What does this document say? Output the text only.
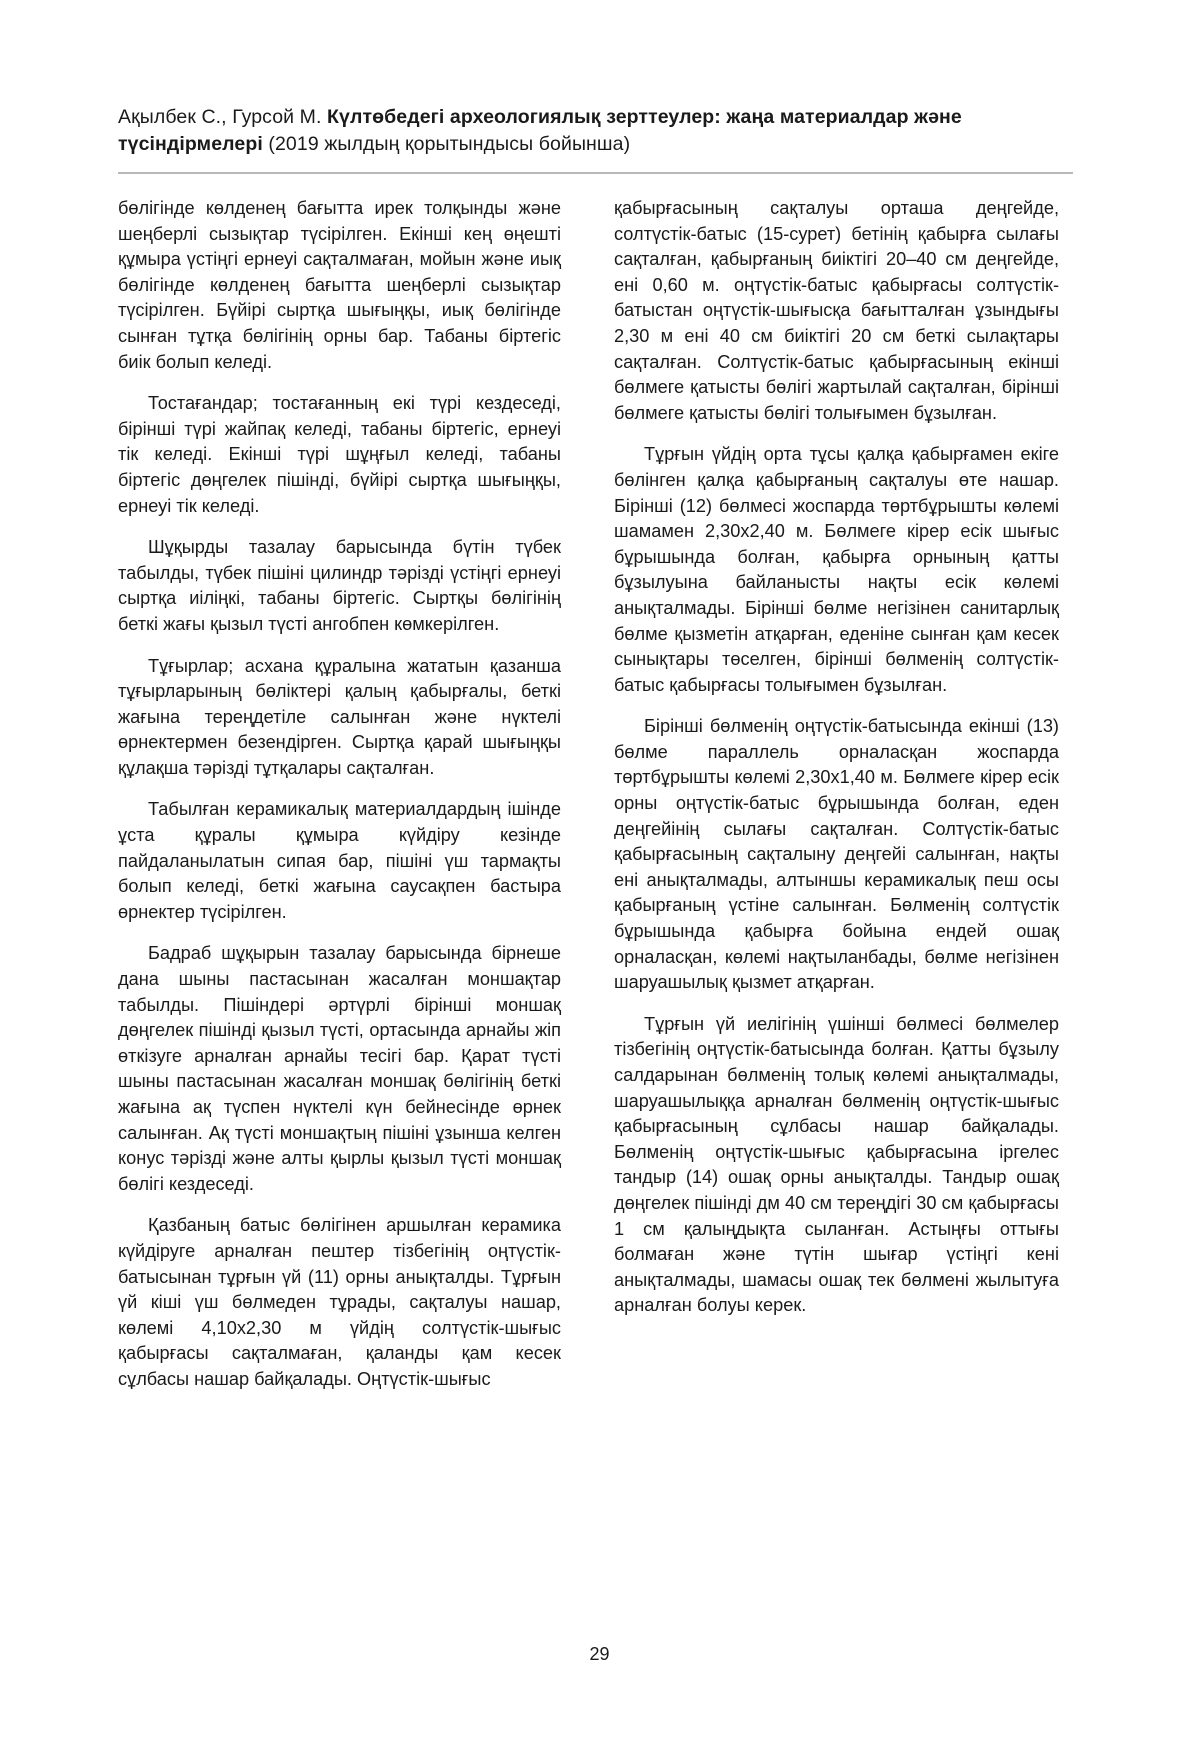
Ақылбек С., Гурсой М. Күлтөбедегі археологиялық зерттеулер: жаңа материалдар және түсіндірмелері (2019 жылдың қорытындысы бойынша)

бөлігінде көлденең бағытта ирек толқынды және шеңберлі сызықтар түсірілген. Екінші кең өңешті құмыра үстіңгі ернеуі сақталмаған, мойын және иық бөлігінде көлденең бағытта шеңберлі сызықтар түсірілген. Бүйірі сыртқа шығыңқы, иық бөлігінде сынған тұтқа бөлігінің орны бар. Табаны біртегіс биік болып келеді.

Тостағандар; тостағанның екі түрі кездеседі, бірінші түрі жайпақ келеді, табаны біртегіс, ернеуі тік келеді. Екінші түрі шұңғыл келеді, табаны біртегіс дөңгелек пішінді, бүйірі сыртқа шығыңқы, ернеуі тік келеді.

Шұқырды тазалау барысында бүтін түбек табылды, түбек пішіні цилиндр тәрізді үстіңгі ернеуі сыртқа иілiңкі, табаны біртегіс. Сыртқы бөлігінің беткі жағы қызыл түсті ангобпен көмкерілген.

Тұғырлар; асхана құралына жататын қазанша тұғырларының бөліктері қалың қабырғалы, беткі жағына тереңдетіле салынған және нүктелі өрнектермен безендірген. Сыртқа қарай шығыңқы құлақша тәрізді тұтқалары сақталған.

Табылған керамикалық материалдардың ішінде ұста құралы құмыра күйдіру кезінде пайдаланылатын сипая бар, пішіні үш тармақты болып келеді, беткі жағына саусақпен бастыра өрнектер түсірілген.

Бадраб шұқырын тазалау барысында бірнеше дана шыны пастасынан жасалған моншақтар табылды. Пішіндері әртүрлі бірінші моншақ дөңгелек пішінді қызыл түсті, ортасында арнайы жіп өткізуге арналған арнайы тесігі бар. Қарат түсті шыны пастасынан жасалған моншақ бөлігінің беткі жағына ақ түспен нүктелі күн бейнесінде өрнек салынған. Ақ түсті моншақтың пішіні ұзынша келген конус тәрізді және алты қырлы қызыл түсті моншақ бөлігі кездеседі.

Қазбаның батыс бөлігінен аршылған керамика күйдіруге арналған пештер тізбегінің оңтүстік-батысынан тұрғын үй (11) орны анықталды. Тұрғын үй кіші үш бөлмеден тұрады, сақталуы нашар, көлемі 4,10х2,30 м үйдің солтүстік-шығыс қабырғасы сақталмаған, қаланды қам кесек сұлбасы нашар байқалады. Оңтүстік-шығыс

қабырғасының сақталуы орташа деңгейде, солтүстік-батыс (15-сурет) бетінің қабырға сылағы сақталған, қабырғаның биіктігі 20–40 см деңгейде, ені 0,60 м. оңтүстік-батыс қабырғасы солтүстік-батыстан оңтүстік-шығысқа бағытталған ұзындығы 2,30 м ені 40 см биіктігі 20 см беткі сылақтары сақталған. Солтүстік-батыс қабырғасының екінші бөлмеге қатысты бөлігі жартылай сақталған, бірінші бөлмеге қатысты бөлігі толығымен бұзылған.

Тұрғын үйдің орта тұсы қалқа қабырғамен екіге бөлінген қалқа қабырғаның сақталуы өте нашар. Бірінші (12) бөлмесі жоспарда төртбұрышты көлемі шамамен 2,30х2,40 м. Бөлмеге кірер есік шығыс бұрышында болған, қабырға орнының қатты бұзылуына байланысты нақты есік көлемі анықталмады. Бірінші бөлме негізінен санитарлық бөлме қызметін атқарған, еденіне сынған қам кесек сынықтары төселген, бірінші бөлменің солтүстік-батыс қабырғасы толығымен бұзылған.

Бірінші бөлменің оңтүстік-батысында екінші (13) бөлме параллель орналасқан жоспарда төртбұрышты көлемі 2,30х1,40 м. Бөлмеге кірер есік орны оңтүстік-батыс бұрышында болған, еден деңгейінің сылағы сақталған. Солтүстік-батыс қабырғасының сақталыну деңгейі салынған, нақты ені анықталмады, алтыншы керамикалық пеш осы қабырғаның үстіне салынған. Бөлменің солтүстік бұрышында қабырға бойына ендей ошақ орналасқан, көлемі нақтыланбады, бөлме негізінен шаруашылық қызмет атқарған.

Тұрғын үй иелігінің үшінші бөлмесі бөлмелер тізбегінің оңтүстік-батысында болған. Қатты бұзылу салдарынан бөлменің толық көлемі анықталмады, шаруашылыққа арналған бөлменің оңтүстік-шығыс қабырғасының сұлбасы нашар байқалады. Бөлменің оңтүстік-шығыс қабырғасына іргелес тандыр (14) ошақ орны анықталды. Тандыр ошақ дөңгелек пішінді дм 40 см тереңдігі 30 см қабырғасы 1 см қалыңдықта сыланған. Астыңғы оттығы болмаған және түтін шығар үстіңгі кені анықталмады, шамасы ошақ тек бөлмені жылытуға арналған болуы керек.

29
